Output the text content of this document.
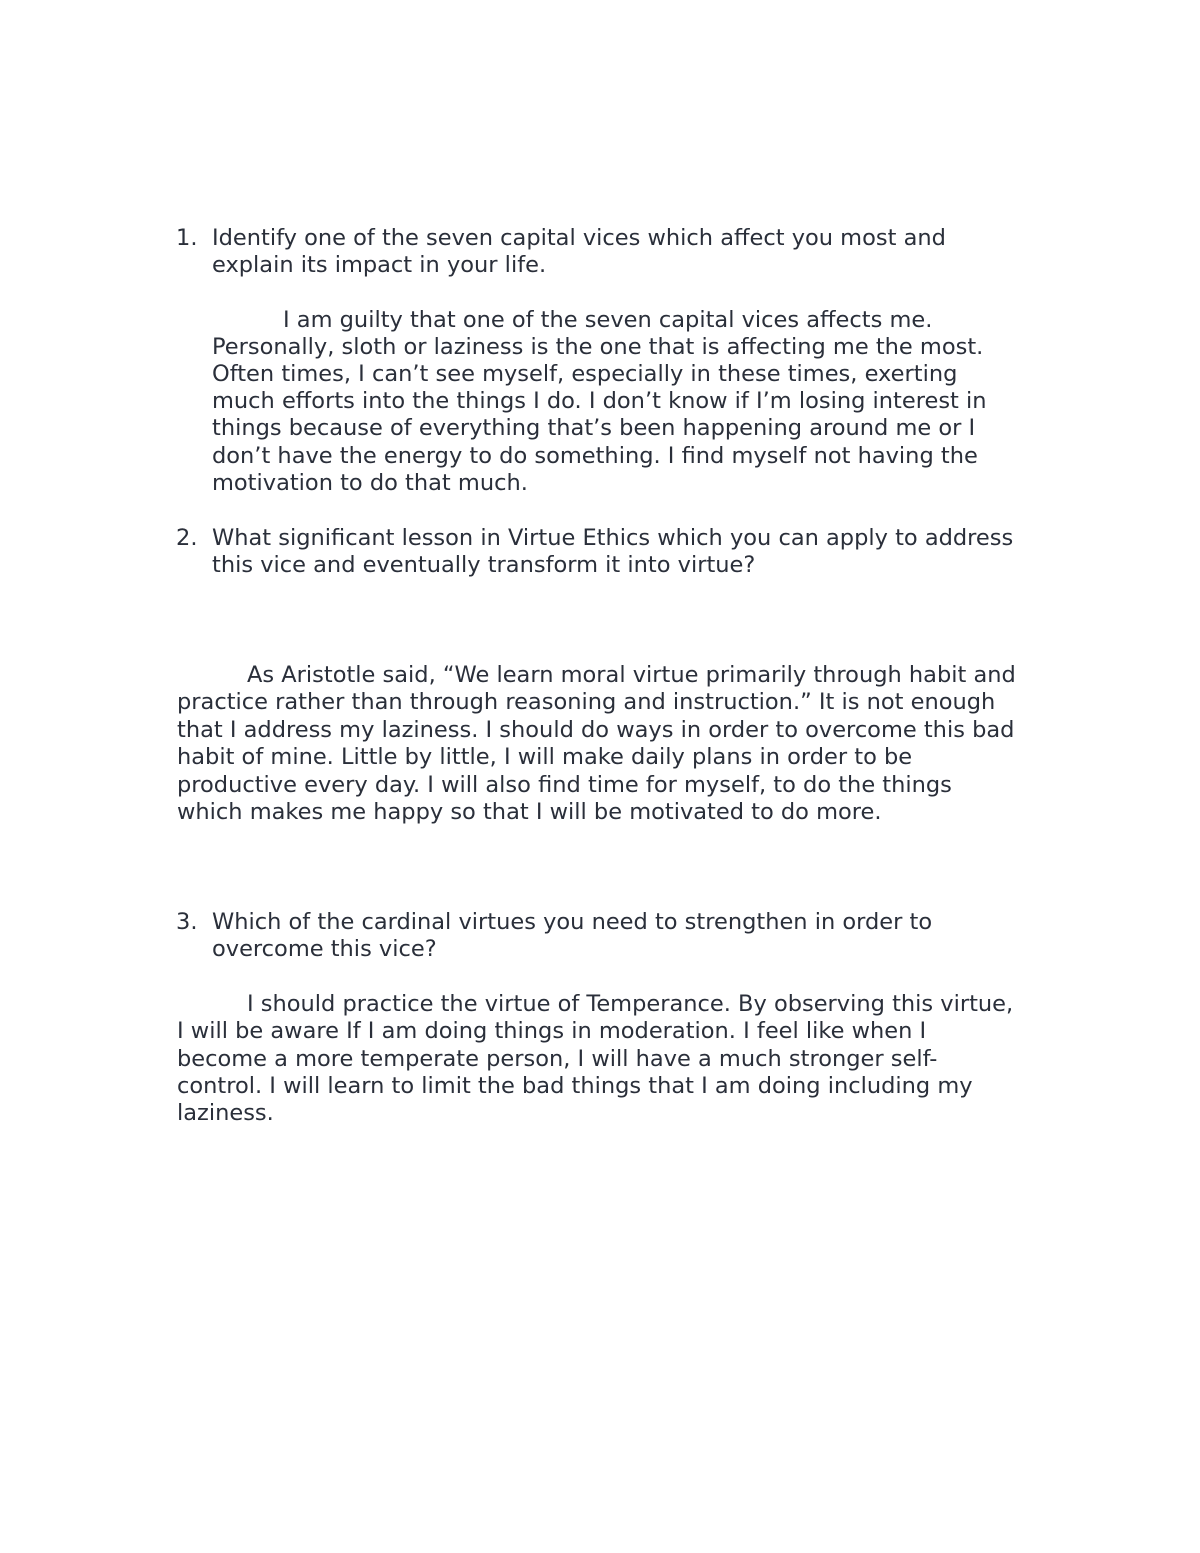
1. Identify one of the seven capital vices which affect you most and

explain its impact in your life.

I am guilty that one of the seven capital vices affects me.

Personally, sloth or laziness is the one that is affecting me the most.

Often times, I can’t see myself, especially in these times, exerting

much efforts into the things I do. I don’t know if I’m losing interest in

things because of everything that’s been happening around me or I

don’t have the energy to do something. I find myself not having the

motivation to do that much.

2. What significant lesson in Virtue Ethics which you can apply to address

this vice and eventually transform it into virtue?

As Aristotle said, “We learn moral virtue primarily through habit and

practice rather than through reasoning and instruction.” It is not enough

that I address my laziness. I should do ways in order to overcome this bad

habit of mine. Little by little, I will make daily plans in order to be

productive every day. I will also find time for myself, to do the things

which makes me happy so that I will be motivated to do more.

3. Which of the cardinal virtues you need to strengthen in order to

overcome this vice?

I should practice the virtue of Temperance. By observing this virtue,

I will be aware If I am doing things in moderation. I feel like when I

become a more temperate person, I will have a much stronger self-

control. I will learn to limit the bad things that I am doing including my

laziness.
